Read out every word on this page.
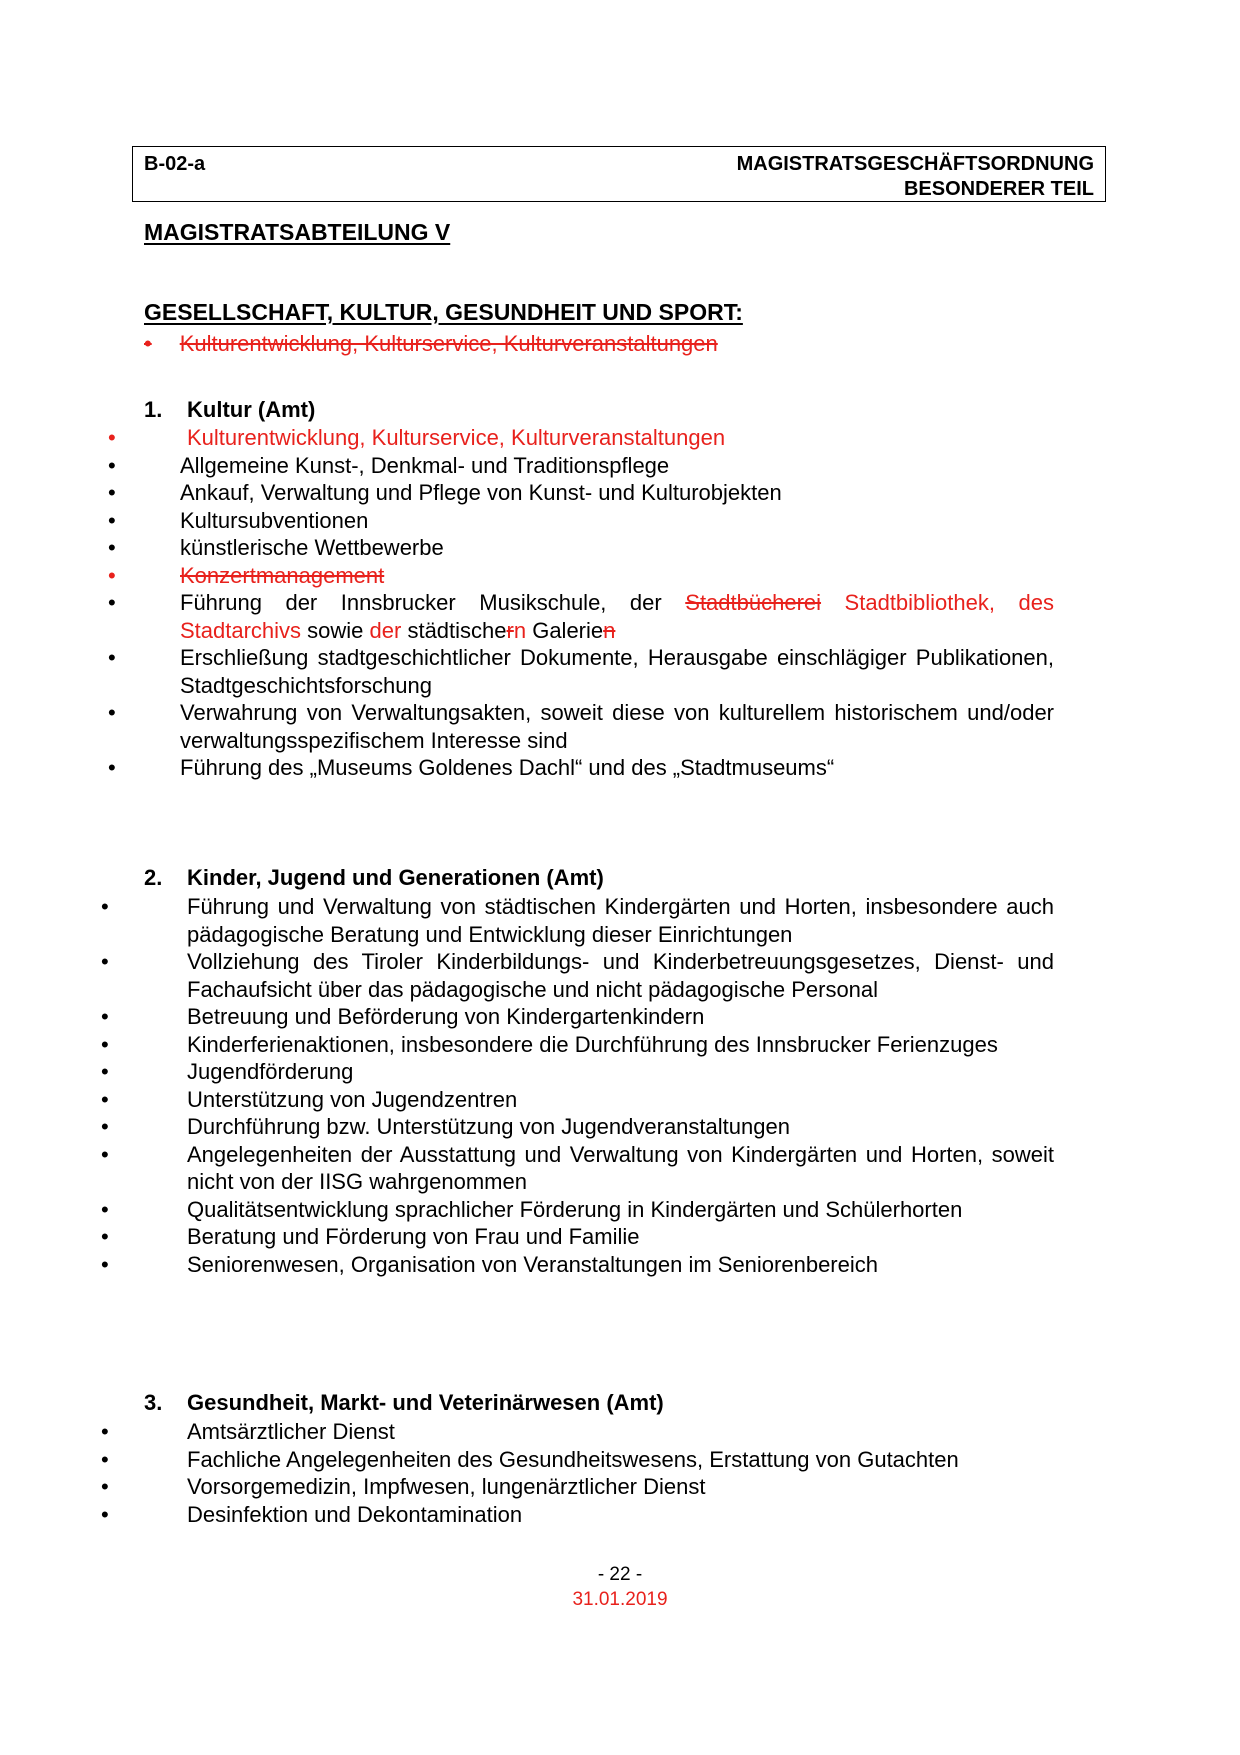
B-02-a	MAGISTRATSGESCHÄFTSORDNUNG
BESONDERER TEIL
MAGISTRATSABTEILUNG V
GESELLSCHAFT, KULTUR, GESUNDHEIT UND SPORT:
• Kulturentwicklung, Kulturservice, Kulturveranstaltungen
1. Kultur (Amt)
•	Kulturentwicklung, Kulturservice, Kulturveranstaltungen
•	Allgemeine Kunst-, Denkmal- und Traditionspflege
•	Ankauf, Verwaltung und Pflege von Kunst- und Kulturobjekten
•	Kultursubventionen
•	künstlerische Wettbewerbe
•	Konzertmanagement
•	Führung der Innsbrucker Musikschule, der Stadtbücherei Stadtbibliothek, des Stadtarchivs sowie der städtischern Galerien
•	Erschließung stadtgeschichtlicher Dokumente, Herausgabe einschlägiger Publikationen, Stadtgeschichtsforschung
•	Verwahrung von Verwaltungsakten, soweit diese von kulturellem historischem und/oder verwaltungsspezifischem Interesse sind
•	Führung des „Museums Goldenes Dachl“ und des „Stadtmuseums“
2. Kinder, Jugend und Generationen (Amt)
•	Führung und Verwaltung von städtischen Kindergärten und Horten, insbesondere auch pädagogische Beratung und Entwicklung dieser Einrichtungen
•	Vollziehung des Tiroler Kinderbildungs- und Kinderbetreuungsgesetzes, Dienst- und Fachaufsicht über das pädagogische und nicht pädagogische Personal
•	Betreuung und Beförderung von Kindergartenkindern
•	Kinderferienaktionen, insbesondere die Durchführung des Innsbrucker Ferienzuges
•	Jugendförderung
•	Unterstützung von Jugendzentren
•	Durchführung bzw. Unterstützung von Jugendveranstaltungen
•	Angelegenheiten der Ausstattung und Verwaltung von Kindergärten und Horten, soweit nicht von der IISG wahrgenommen
•	Qualitätsentwicklung sprachlicher Förderung in Kindergärten und Schülerhorten
•	Beratung und Förderung von Frau und Familie
•	Seniorenwesen, Organisation von Veranstaltungen im Seniorenbereich
3. Gesundheit, Markt- und Veterinärwesen (Amt)
•	Amtsärztlicher Dienst
•	Fachliche Angelegenheiten des Gesundheitswesens, Erstattung von Gutachten
•	Vorsorgemedizin, Impfwesen, lungenärztlicher Dienst
•	Desinfektion und Dekontamination
- 22 -
31.01.2019
